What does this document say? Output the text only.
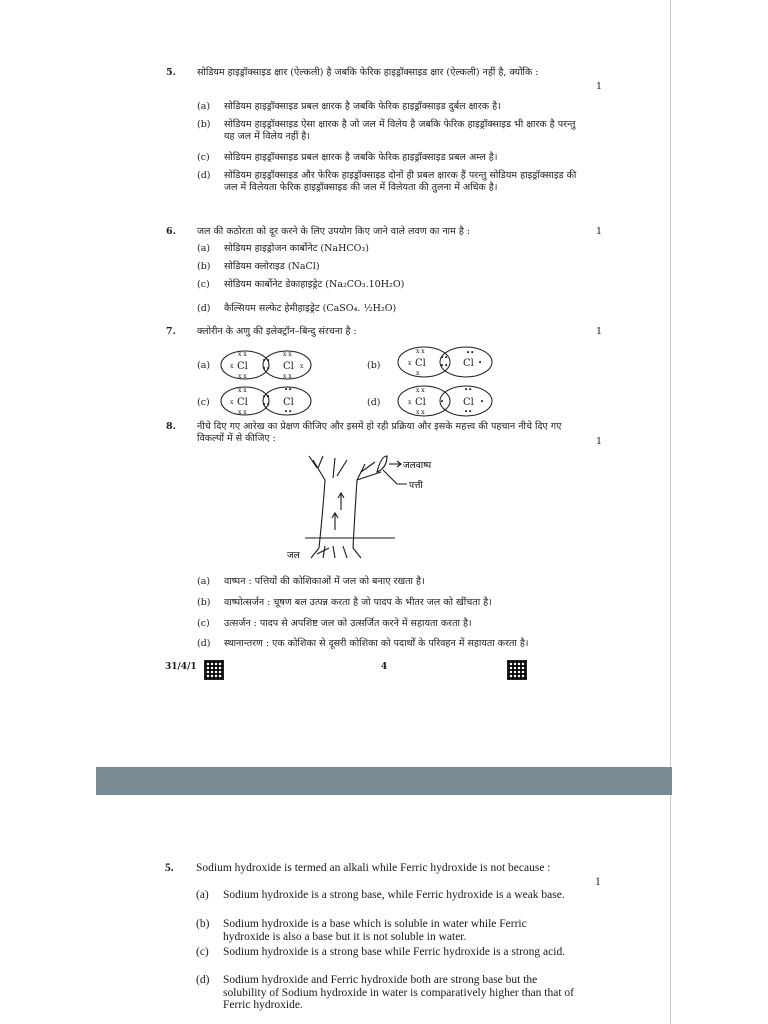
5. सोडियम हाइड्रॉक्साइड क्षार (ऐल्कली) है जबकि फेरिक हाइड्रॉक्साइड क्षार (ऐल्कली) नहीं है, क्योंकि :
1
(a)	सोडियम हाइड्रॉक्साइड प्रबल क्षारक है जबकि फेरिक हाइड्रॉक्साइड दुर्बल क्षारक है।
(b)	सोडियम हाइड्रॉक्साइड ऐसा क्षारक है जो जल में विलेय है जबकि फेरिक हाइड्रॉक्साइड भी क्षारक है परन्तु यह जल में विलेय नहीं है।
(c)	सोडियम हाइड्रॉक्साइड प्रबल क्षारक है जबकि फेरिक हाइड्रॉक्साइड प्रबल अम्ल है।
(d)	सोडियम हाइड्रॉक्साइड और फेरिक हाइड्रॉक्साइड दोनों ही प्रबल क्षारक हैं परन्तु सोडियम हाइड्रॉक्साइड की जल में विलेयता फेरिक हाइड्रॉक्साइड की जल में विलेयता की तुलना में अधिक है।
6. जल की कठोरता को दूर करने के लिए उपयोग किए जाने वाले लवण का नाम है :	1
(a)	सोडियम हाइड्रोजन कार्बोनेट (NaHCO₃)
(b)	सोडियम क्लोराइड (NaCl)
(c)	सोडियम कार्बोनेट डेकाहाइड्रेट (Na₂CO₃.10H₂O)
(d)	कैल्सियम सल्फेट हेमीहाइड्रेट (CaSO₄. ½H₂O)
7. क्लोरीन के अणु की इलेक्ट्रॉन–बिन्दु संरचना है :	1
(a)	(b)
(c)	(d)
Cl	Cl
x x
x x
x x
x x
x	x
••
••	Cl	Cl
x x
x
x
••
••
••
•
Cl	Cl
x x
x x
x
••
••
••
••
Cl	Cl
x x
x x
x	•
••
••
•
8. नीचे दिए गए आरेख का प्रेक्षण कीजिए और इसमें हो रही प्रक्रिया और इसके महत्त्व की पहचान नीचे दिए गए विकल्पों में से कीजिए :	1
जलवाष्प
पत्ती
जल
(a)	वाष्पन : पत्तियों की कोशिकाओं में जल को बनाए रखता है।
(b)	वाष्पोत्सर्जन : चूषण बल उत्पन्न करता है जो पादप के भीतर जल को खींचता है।
(c)	उत्सर्जन : पादप से अपशिष्ट जल को उत्सर्जित करने में सहायता करता है।
(d)	स्थानान्तरण : एक कोशिका से दूसरी कोशिका को पदार्थों के परिवहन में सहायता करता है।
31/4/1	4
5. Sodium hydroxide is termed an alkali while Ferric hydroxide is not because :
1
(a) Sodium hydroxide is a strong base, while Ferric hydroxide is a weak base.
(b) Sodium hydroxide is a base which is soluble in water while Ferric hydroxide is also a base but it is not soluble in water.
(c) Sodium hydroxide is a strong base while Ferric hydroxide is a strong acid.
(d) Sodium hydroxide and Ferric hydroxide both are strong base but the solubility of Sodium hydroxide in water is comparatively higher than that of Ferric hydroxide.
